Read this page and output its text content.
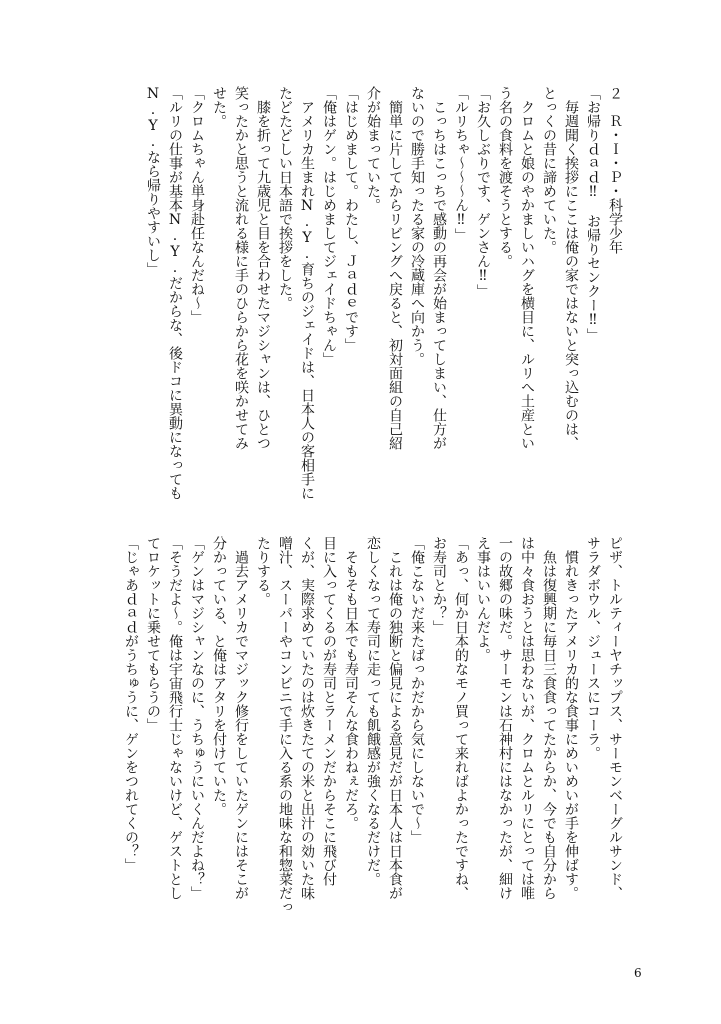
２　Ｒ・Ｉ・Ｐ・科学少年
「お帰りｄａｄ‼　お帰りセンクー‼」
　毎週聞く挨拶にここは俺の家ではないと突っ込むのは、
とっくの昔に諦めていた。
　クロムと娘のやかましいハグを横目に、ルリへ土産とい
う名の食料を渡そうとする。
「お久しぶりです、ゲンさん‼」
「ルリちゃ～～～ん‼」
　こっちはこっちで感動の再会が始まってしまい、仕方が
ないので勝手知ったる家の冷蔵庫へ向かう。
　簡単に片してからリビングへ戻ると、初対面組の自己紹
介が始まっていた。
「はじめまして。わたし、Ｊａｄｅです」
「俺はゲン。はじめましてジェイドちゃん」
　アメリカ生まれN.Y.育ちのジェイドは、日本人の客相手に
たどたどしい日本語で挨拶をした。
　膝を折って九歳児と目を合わせたマジシャンは、ひとつ
笑ったかと思うと流れる様に手のひらから花を咲かせてみ
せた。
「クロムちゃん単身赴任なんだね～」
「ルリの仕事が基本N.Y.だからな、後ドコに異動になっても
N.Y.なら帰りやすいし」
ピザ、トルティーヤチップス、サーモンベーグルサンド、
サラダボウル、ジュースにコーラ。
　慣れきったアメリカ的な食事にめいめいが手を伸ばす。
　魚は復興期に毎日三食食ってたからか、今でも自分から
は中々食おうとは思わないが、クロムとルリにとっては唯
一の故郷の味だ。サーモンは石神村にはなかったが、細け
え事はいいんだよ。
「あっ、何か日本的なモノ買って来ればよかったですね、
お寿司とか？」
「俺こないだ来たばっかだから気にしないで～」
　これは俺の独断と偏見による意見だが日本人は日本食が
恋しくなって寿司に走っても飢餓感が強くなるだけだ。
　そもそも日本でも寿司そんな食わねぇだろ。
目に入ってくるのが寿司とラーメンだからそこに飛び付
くが、実際求めていたのは炊きたての米と出汁の効いた味
噌汁、スーパーやコンビニで手に入る系の地味な和惣菜だっ
たりする。
　過去アメリカでマジック修行をしていたゲンにはそこが
分かっている、と俺はアタリを付けていた。
「ゲンはマジシャンなのに、うちゅうにいくんだよね？」
「そうだよ～。俺は宇宙飛行士じゃないけど、ゲストとし
てロケットに乗せてもらうの」
「じゃあｄａｄがうちゅうに、ゲンをつれてくの？」
6
